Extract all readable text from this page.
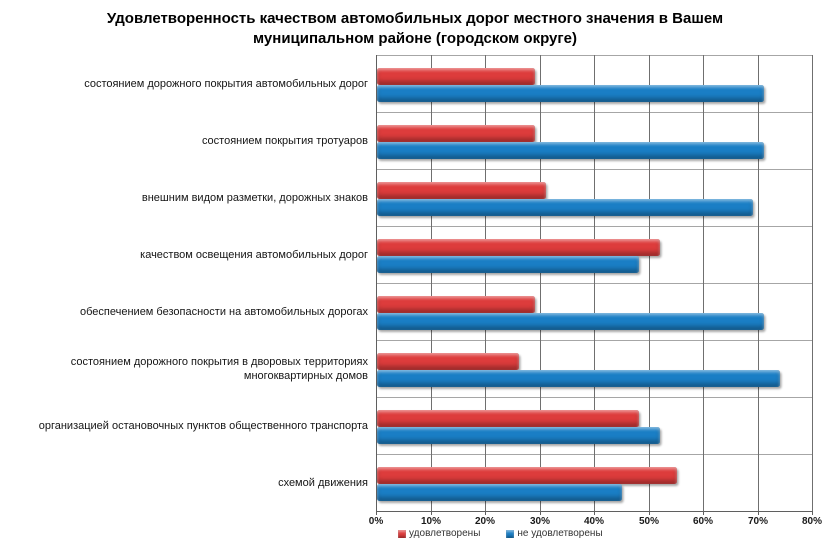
Удовлетворенность качеством автомобильных дорог местного значения в Вашем
муниципальном районе (городском округе)
состоянием дорожного покрытия автомобильных дорог
состоянием покрытия тротуаров
внешним видом разметки, дорожных знаков
качеством освещения автомобильных дорог
обеспечением безопасности на автомобильных дорогах
состоянием дорожного покрытия в дворовых территориях многоквартирных домов
организацией остановочных пунктов общественного транспорта
схемой движения
0%	10%	20%	30%	40%	50%	60%	70%	80%
удовлетворены	не удовлетворены
